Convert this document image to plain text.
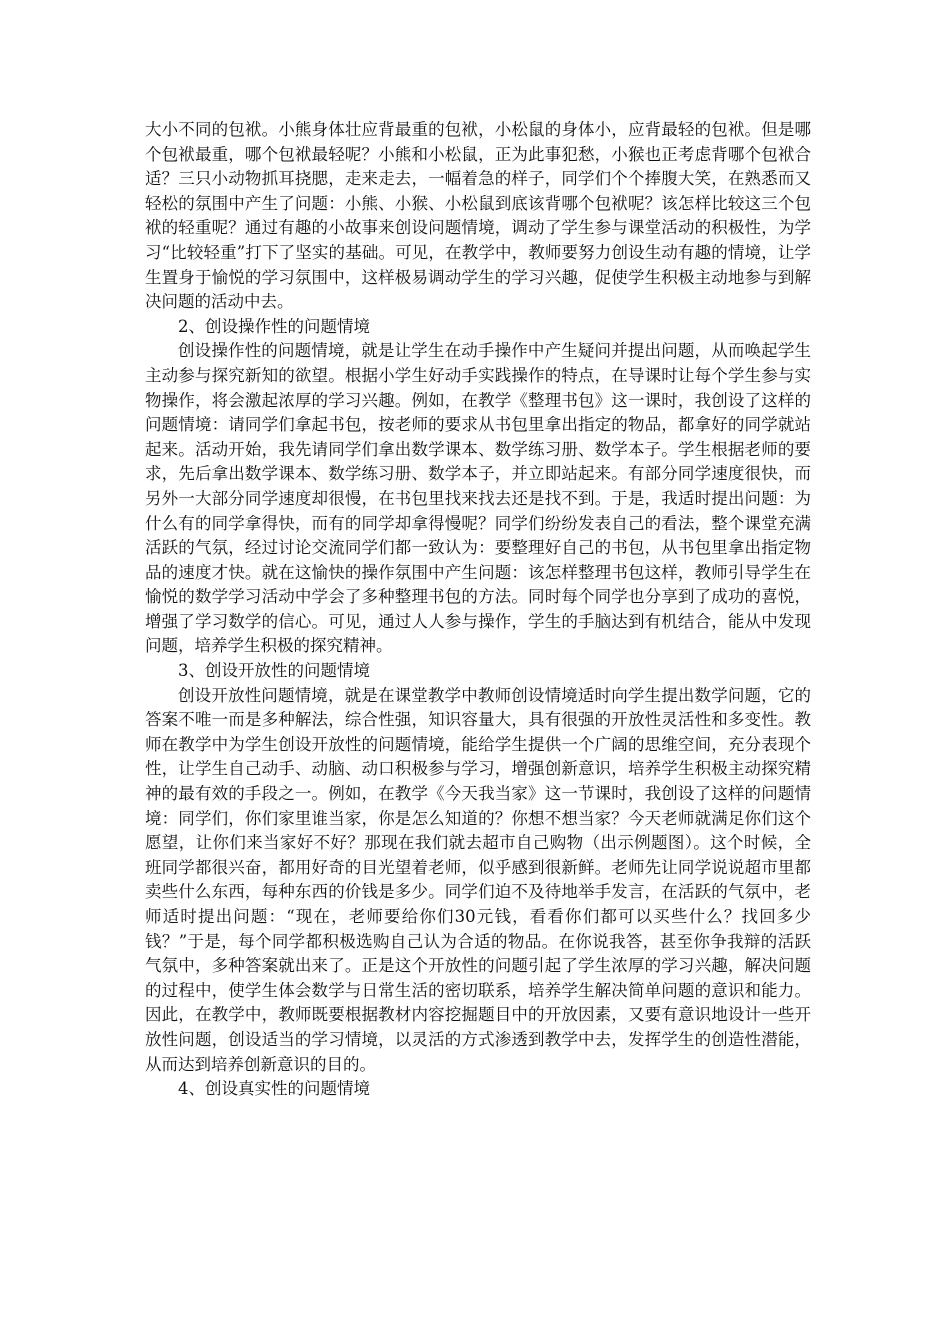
大小不同的包袱。小熊身体壮应背最重的包袱，小松鼠的身体小，应背最轻的包袱。但是哪个包袱最重，哪个包袱最轻呢？小熊和小松鼠，正为此事犯愁，小猴也正考虑背哪个包袱合适？三只小动物抓耳挠腮，走来走去，一幅着急的样子，同学们个个捧腹大笑，在熟悉而又轻松的氛围中产生了问题：小熊、小猴、小松鼠到底该背哪个包袱呢？该怎样比较这三个包袱的轻重呢？通过有趣的小故事来创设问题情境，调动了学生参与课堂活动的积极性，为学习“比较轻重”打下了坚实的基础。可见，在教学中，教师要努力创设生动有趣的情境，让学生置身于愉悦的学习氛围中，这样极易调动学生的学习兴趣，促使学生积极主动地参与到解决问题的活动中去。

2、创设操作性的问题情境

创设操作性的问题情境，就是让学生在动手操作中产生疑问并提出问题，从而唤起学生主动参与探究新知的欲望。根据小学生好动手实践操作的特点，在导课时让每个学生参与实物操作，将会激起浓厚的学习兴趣。例如，在教学《整理书包》这一课时，我创设了这样的问题情境：请同学们拿起书包，按老师的要求从书包里拿出指定的物品，都拿好的同学就站起来。活动开始，我先请同学们拿出数学课本、数学练习册、数学本子。学生根据老师的要求，先后拿出数学课本、数学练习册、数学本子，并立即站起来。有部分同学速度很快，而另外一大部分同学速度却很慢，在书包里找来找去还是找不到。于是，我适时提出问题：为什么有的同学拿得快，而有的同学却拿得慢呢？同学们纷纷发表自己的看法，整个课堂充满活跃的气氛，经过讨论交流同学们都一致认为：要整理好自己的书包，从书包里拿出指定物品的速度才快。就在这愉快的操作氛围中产生问题：该怎样整理书包这样，教师引导学生在愉悦的数学学习活动中学会了多种整理书包的方法。同时每个同学也分享到了成功的喜悦，增强了学习数学的信心。可见，通过人人参与操作，学生的手脑达到有机结合，能从中发现问题，培养学生积极的探究精神。

3、创设开放性的问题情境

创设开放性问题情境，就是在课堂教学中教师创设情境适时向学生提出数学问题，它的答案不唯一而是多种解法，综合性强，知识容量大，具有很强的开放性灵活性和多变性。教师在教学中为学生创设开放性的问题情境，能给学生提供一个广阔的思维空间，充分表现个性，让学生自己动手、动脑、动口积极参与学习，增强创新意识，培养学生积极主动探究精神的最有效的手段之一。例如，在教学《今天我当家》这一节课时，我创设了这样的问题情境：同学们，你们家里谁当家，你是怎么知道的？你想不想当家？今天老师就满足你们这个愿望，让你们来当家好不好？那现在我们就去超市自己购物（出示例题图）。这个时候，全班同学都很兴奋，都用好奇的目光望着老师，似乎感到很新鲜。老师先让同学说说超市里都卖些什么东西，每种东西的价钱是多少。同学们迫不及待地举手发言，在活跃的气氛中，老师适时提出问题：“现在，老师要给你们30元钱，看看你们都可以买些什么？找回多少钱？”于是，每个同学都积极选购自己认为合适的物品。在你说我答，甚至你争我辩的活跃气氛中，多种答案就出来了。正是这个开放性的问题引起了学生浓厚的学习兴趣，解决问题的过程中，使学生体会数学与日常生活的密切联系，培养学生解决简单问题的意识和能力。因此，在教学中，教师既要根据教材内容挖掘题目中的开放因素，又要有意识地设计一些开放性问题，创设适当的学习情境，以灵活的方式渗透到教学中去，发挥学生的创造性潜能，从而达到培养创新意识的目的。

4、创设真实性的问题情境
